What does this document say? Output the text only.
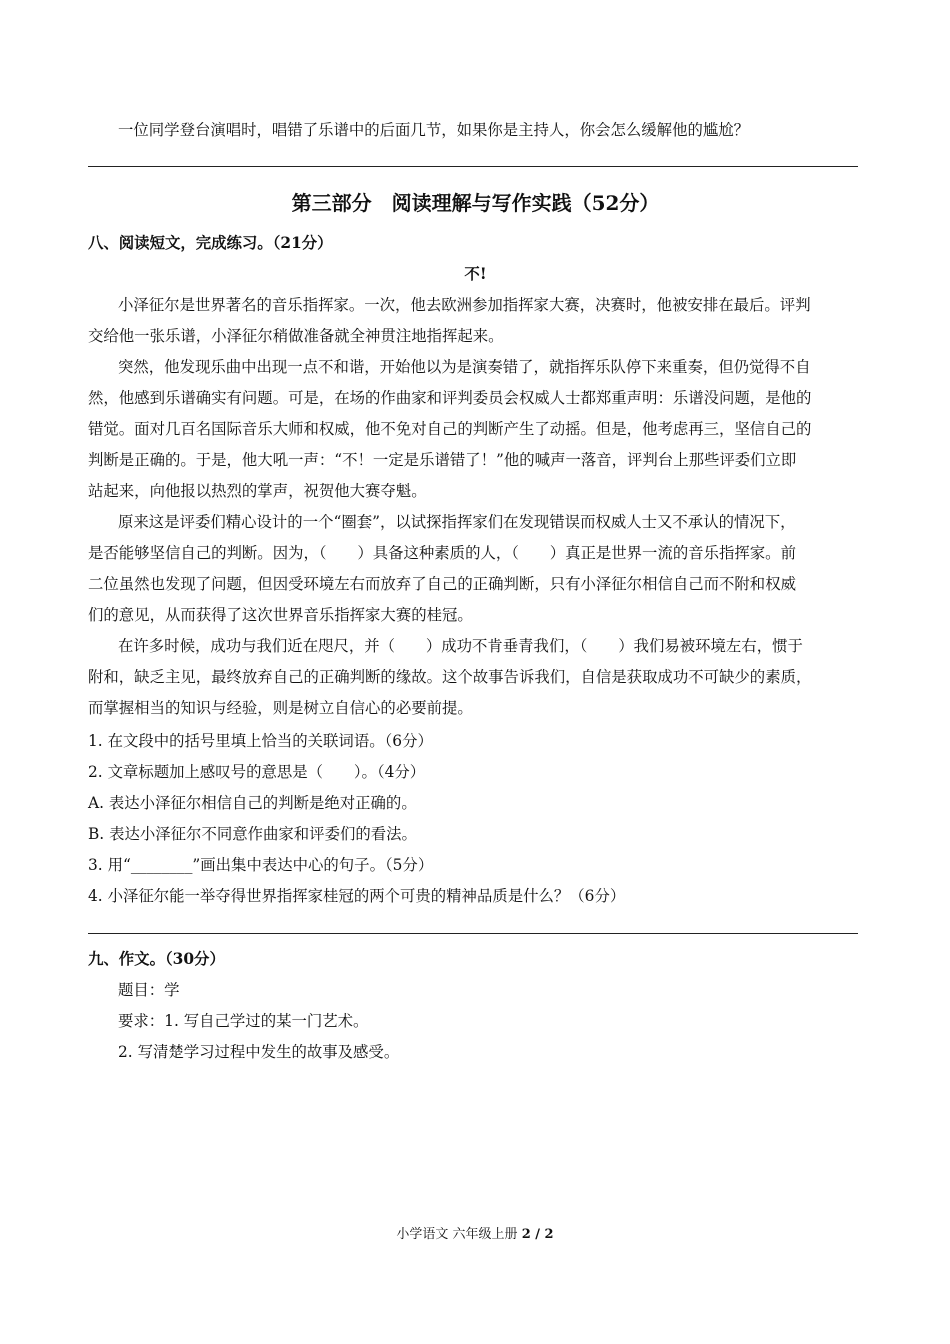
一位同学登台演唱时，唱错了乐谱中的后面几节，如果你是主持人，你会怎么缓解他的尴尬？
第三部分　阅读理解与写作实践（52分）
八、阅读短文，完成练习。（21分）
不!
小泽征尔是世界著名的音乐指挥家。一次，他去欧洲参加指挥家大赛，决赛时，他被安排在最后。评判
交给他一张乐谱，小泽征尔稍做准备就全神贯注地指挥起来。
突然，他发现乐曲中出现一点不和谐，开始他以为是演奏错了，就指挥乐队停下来重奏，但仍觉得不自
然，他感到乐谱确实有问题。可是，在场的作曲家和评判委员会权威人士都郑重声明：乐谱没问题，是他的
错觉。面对几百名国际音乐大师和权威，他不免对自己的判断产生了动摇。但是，他考虑再三，坚信自己的
判断是正确的。于是，他大吼一声：“不！一定是乐谱错了！”他的喊声一落音，评判台上那些评委们立即
站起来，向他报以热烈的掌声，祝贺他大赛夺魁。
原来这是评委们精心设计的一个“圈套”，以试探指挥家们在发现错误而权威人士又不承认的情况下，
是否能够坚信自己的判断。因为，（　　）具备这种素质的人，（　　）真正是世界一流的音乐指挥家。前
二位虽然也发现了问题，但因受环境左右而放弃了自己的正确判断，只有小泽征尔相信自己而不附和权威
们的意见，从而获得了这次世界音乐指挥家大赛的桂冠。
在许多时候，成功与我们近在咫尺，并（　　）成功不肯垂青我们，（　　）我们易被环境左右，惯于
附和，缺乏主见，最终放弃自己的正确判断的缘故。这个故事告诉我们，自信是获取成功不可缺少的素质，
而掌握相当的知识与经验，则是树立自信心的必要前提。
1. 在文段中的括号里填上恰当的关联词语。（6分）
2. 文章标题加上感叹号的意思是（　　）。（4分）
A. 表达小泽征尔相信自己的判断是绝对正确的。
B. 表达小泽征尔不同意作曲家和评委们的看法。
3. 用“________”画出集中表达中心的句子。（5分）
4. 小泽征尔能一举夺得世界指挥家桂冠的两个可贵的精神品质是什么？（6分）
九、作文。（30分）
题目：学
要求：1. 写自己学过的某一门艺术。
2. 写清楚学习过程中发生的故事及感受。
小学语文 六年级上册 2 / 2
